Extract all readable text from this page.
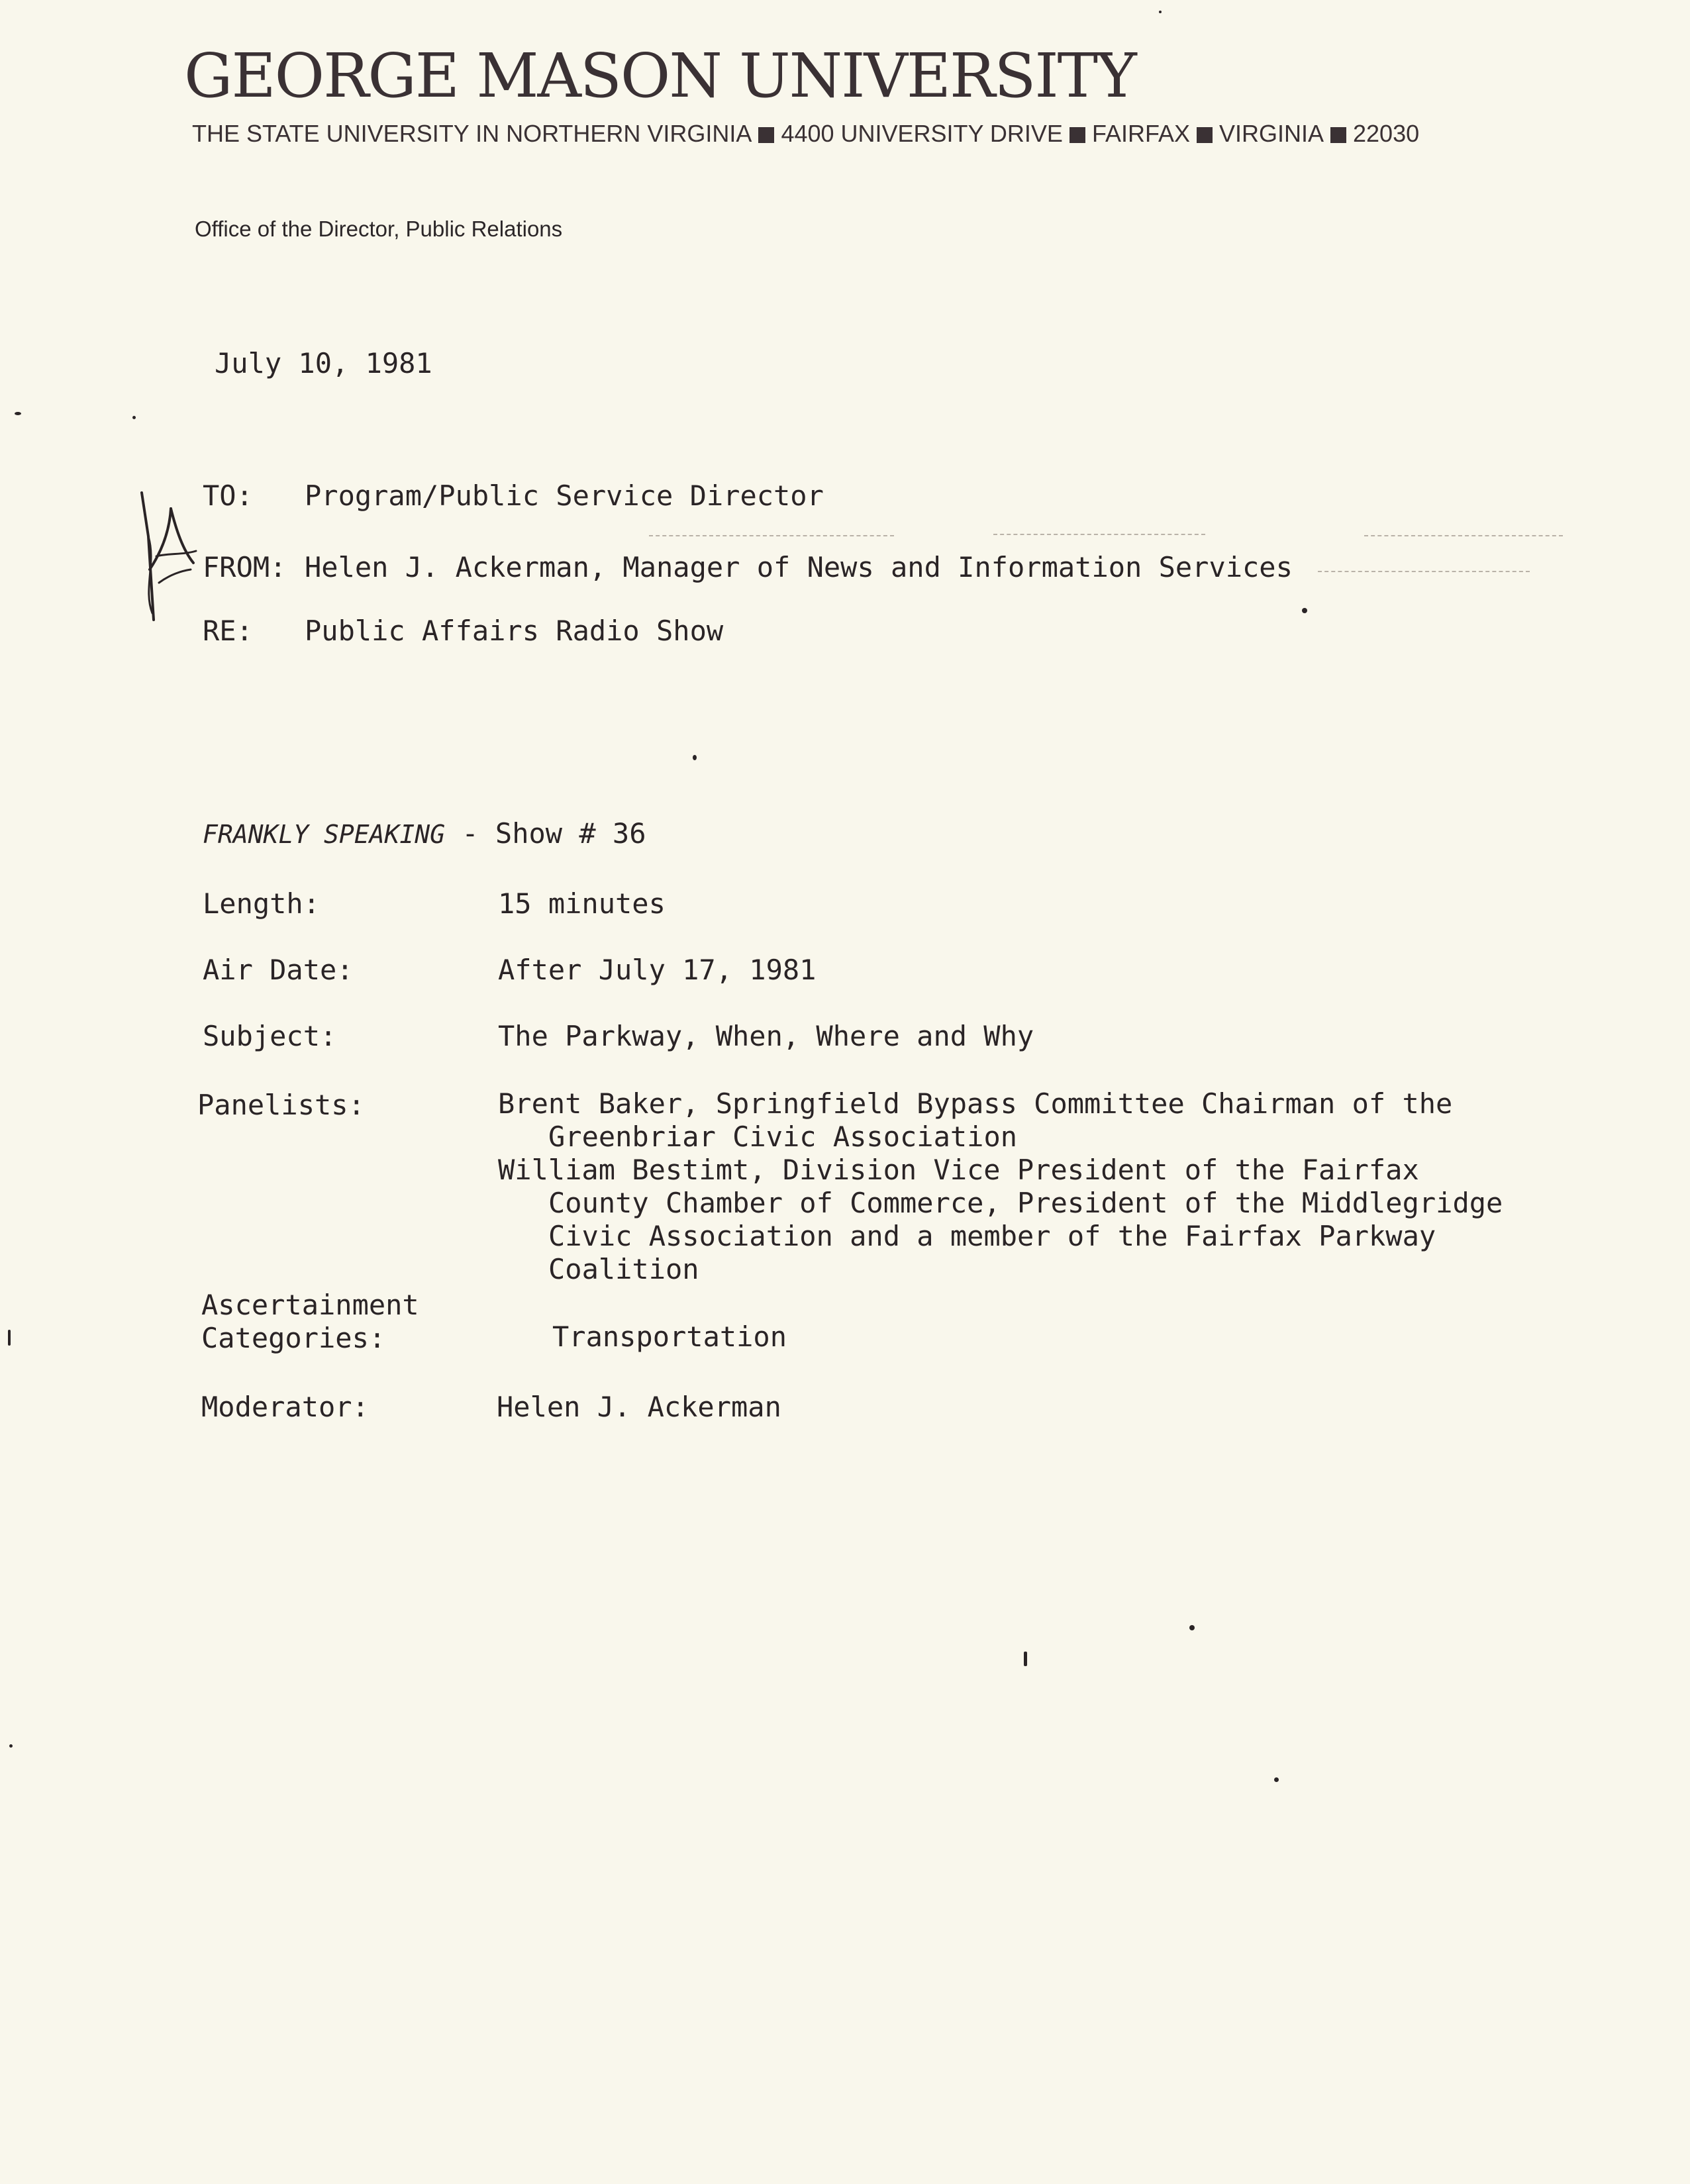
GEORGE MASON UNIVERSITY
THE STATE UNIVERSITY IN NORTHERN VIRGINIA 4400 UNIVERSITY DRIVE FAIRFAX VIRGINIA 22030
Office of the Director, Public Relations
July 10, 1981
TO: Program/Public Service Director
FROM: Helen J. Ackerman, Manager of News and Information Services
RE: Public Affairs Radio Show
FRANKLY SPEAKING - Show # 36
Length:	15 minutes
Air Date:	After July 17, 1981
Subject:	The Parkway, When, Where and Why
Panelists:	Brent Baker, Springfield Bypass Committee Chairman of the
Greenbriar Civic Association
William Bestimt, Division Vice President of the Fairfax
County Chamber of Commerce, President of the Middlegridge
Civic Association and a member of the Fairfax Parkway
Coalition
Ascertainment
Categories:	Transportation
Moderator:	Helen J. Ackerman
